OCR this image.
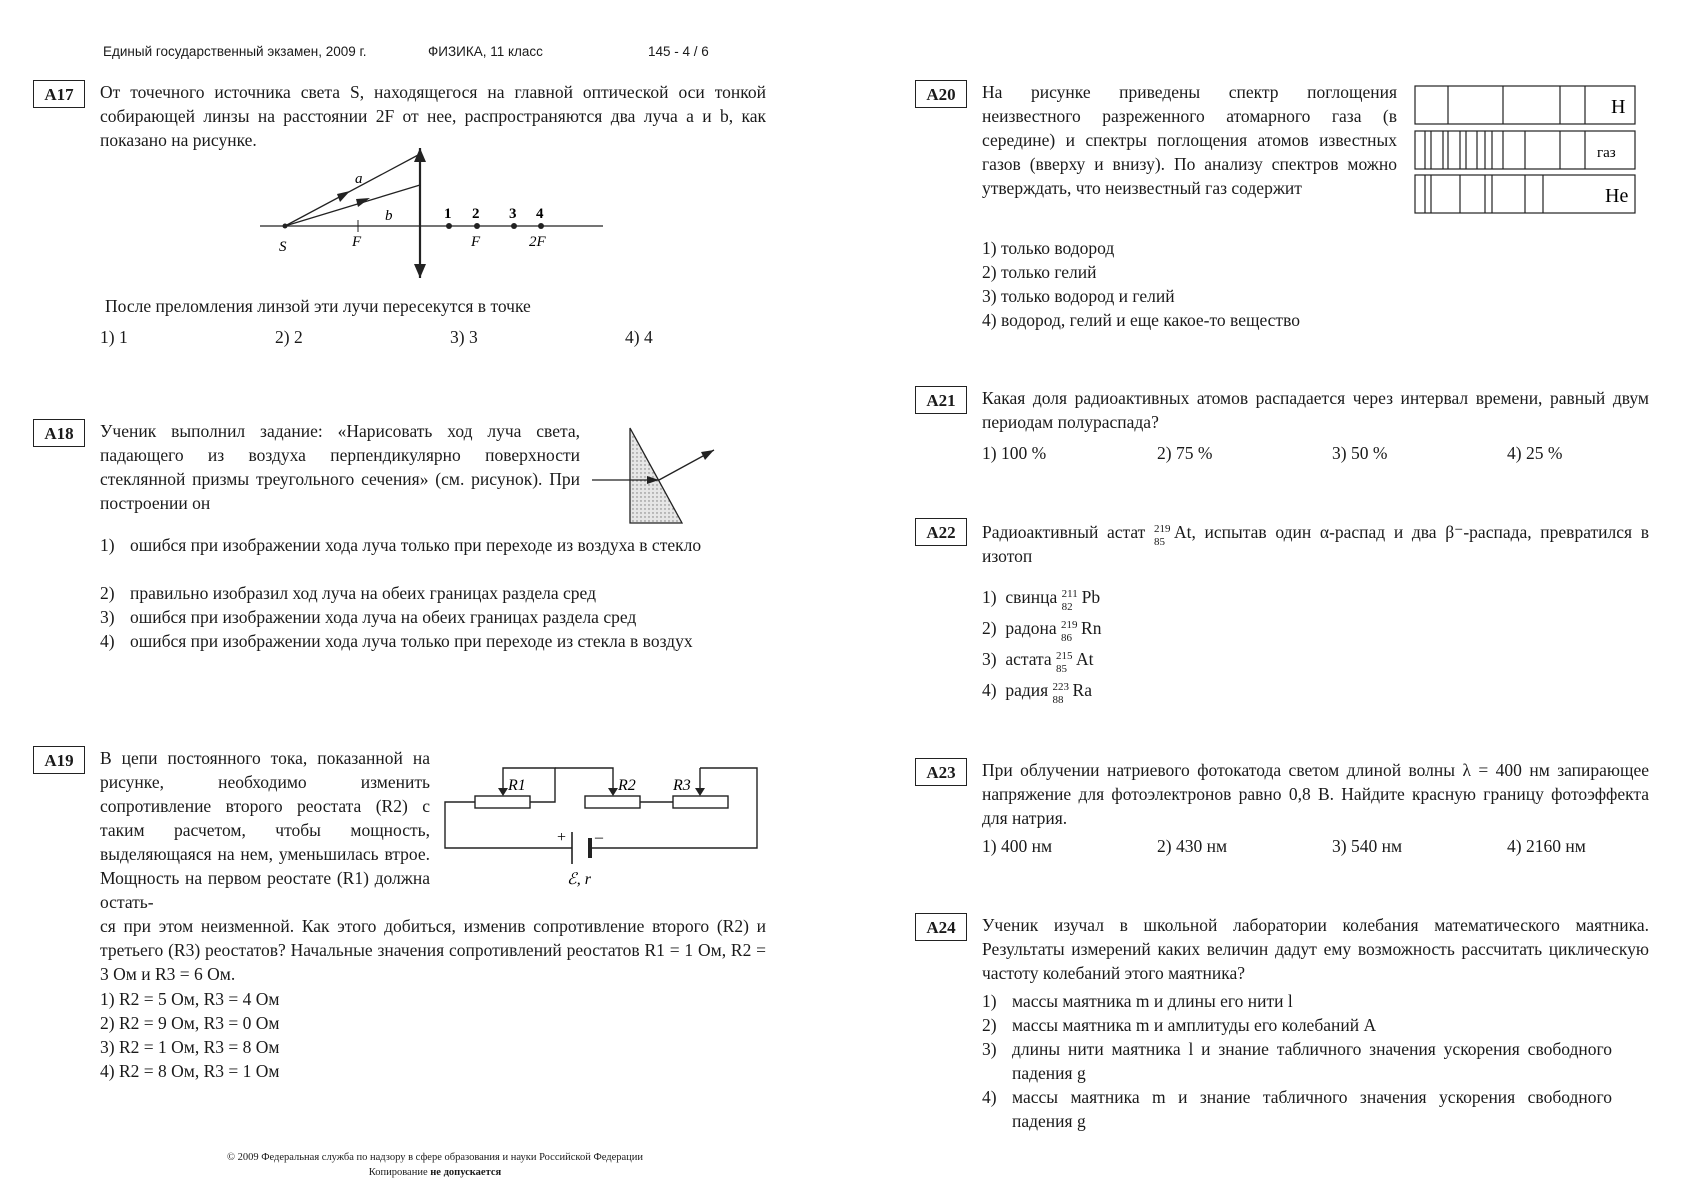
Единый государственный экзамен, 2009 г.	ФИЗИКА, 11 класс	145 - 4 / 6
A17	От точечного источника света S, находящегося на главной оптической оси тонкой собирающей линзы на расстоянии 2F от нее, распространяются два луча a и b, как показано на рисунке.
a
b
S	F	F	2F
1 2 3 4
После преломления линзой эти лучи пересекутся в точке
1) 1	2) 2	3) 3	4) 4
A18	Ученик выполнил задание: «Нарисовать ход луча света, падающего из воздуха перпендикулярно поверхности стеклянной призмы треугольного сечения» (см. рисунок). При построении он
1) ошибся при изображении хода луча только при переходе из воздуха в стекло
2) правильно изобразил ход луча на обеих границах раздела сред
3) ошибся при изображении хода луча на обеих границах раздела сред
4) ошибся при изображении хода луча только при переходе из стекла в воздух
A19	В цепи постоянного тока, показанной на рисунке, необходимо изменить сопротивление второго реостата (R2) с таким расчетом, чтобы мощность, выделяющаяся на нем, уменьшилась втрое. Мощность на первом реостате (R1) должна остать-
ся при этом неизменной. Как этого добиться, изменив сопротивление второго (R2) и третьего (R3) реостатов? Начальные значения сопротивлений реостатов R1 = 1 Ом, R2 = 3 Ом и R3 = 6 Ом.
R1	R2 R3
+ –
ℰ, r
1) R2 = 5 Ом, R3 = 4 Ом
2) R2 = 9 Ом, R3 = 0 Ом
3) R2 = 1 Ом, R3 = 8 Ом
4) R2 = 8 Ом, R3 = 1 Ом
A20	На рисунке приведены спектр поглощения неизвестного разреженного атомарного газа (в середине) и спектры поглощения атомов известных газов (вверху и внизу). По анализу спектров можно утверждать, что неизвестный газ содержит
H
газ
He
1) только водород
2) только гелий
3) только водород и гелий
4) водород, гелий и еще какое-то вещество
A21	Какая доля радиоактивных атомов распадается через интервал времени, равный двум периодам полураспада?
1) 100 %	2) 75 %	3) 50 %	4) 25 %
A22	Радиоактивный астат 219
85 At, испытав один α-распад и два β⁻-распада, превратился в изотоп
1) свинца 211
82 Pb
2) радона 219
86 Rn
3) астата 215
85 At
4) радия 223
88 Ra
A23	При облучении натриевого фотокатода светом длиной волны λ = 400 нм запирающее напряжение для фотоэлектронов равно 0,8 В. Найдите красную границу фотоэффекта для натрия.
1) 400 нм	2) 430 нм	3) 540 нм	4) 2160 нм
A24	Ученик изучал в школьной лаборатории колебания математического маятника. Результаты измерений каких величин дадут ему возможность рассчитать циклическую частоту колебаний этого маятника?
1) массы маятника m и длины его нити l
2) массы маятника m и амплитуды его колебаний A
3) длины нити маятника l и знание табличного значения ускорения свободного падения g
4) массы маятника m и знание табличного значения ускорения свободного падения g
© 2009 Федеральная служба по надзору в сфере образования и науки Российской Федерации
Копирование не допускается
